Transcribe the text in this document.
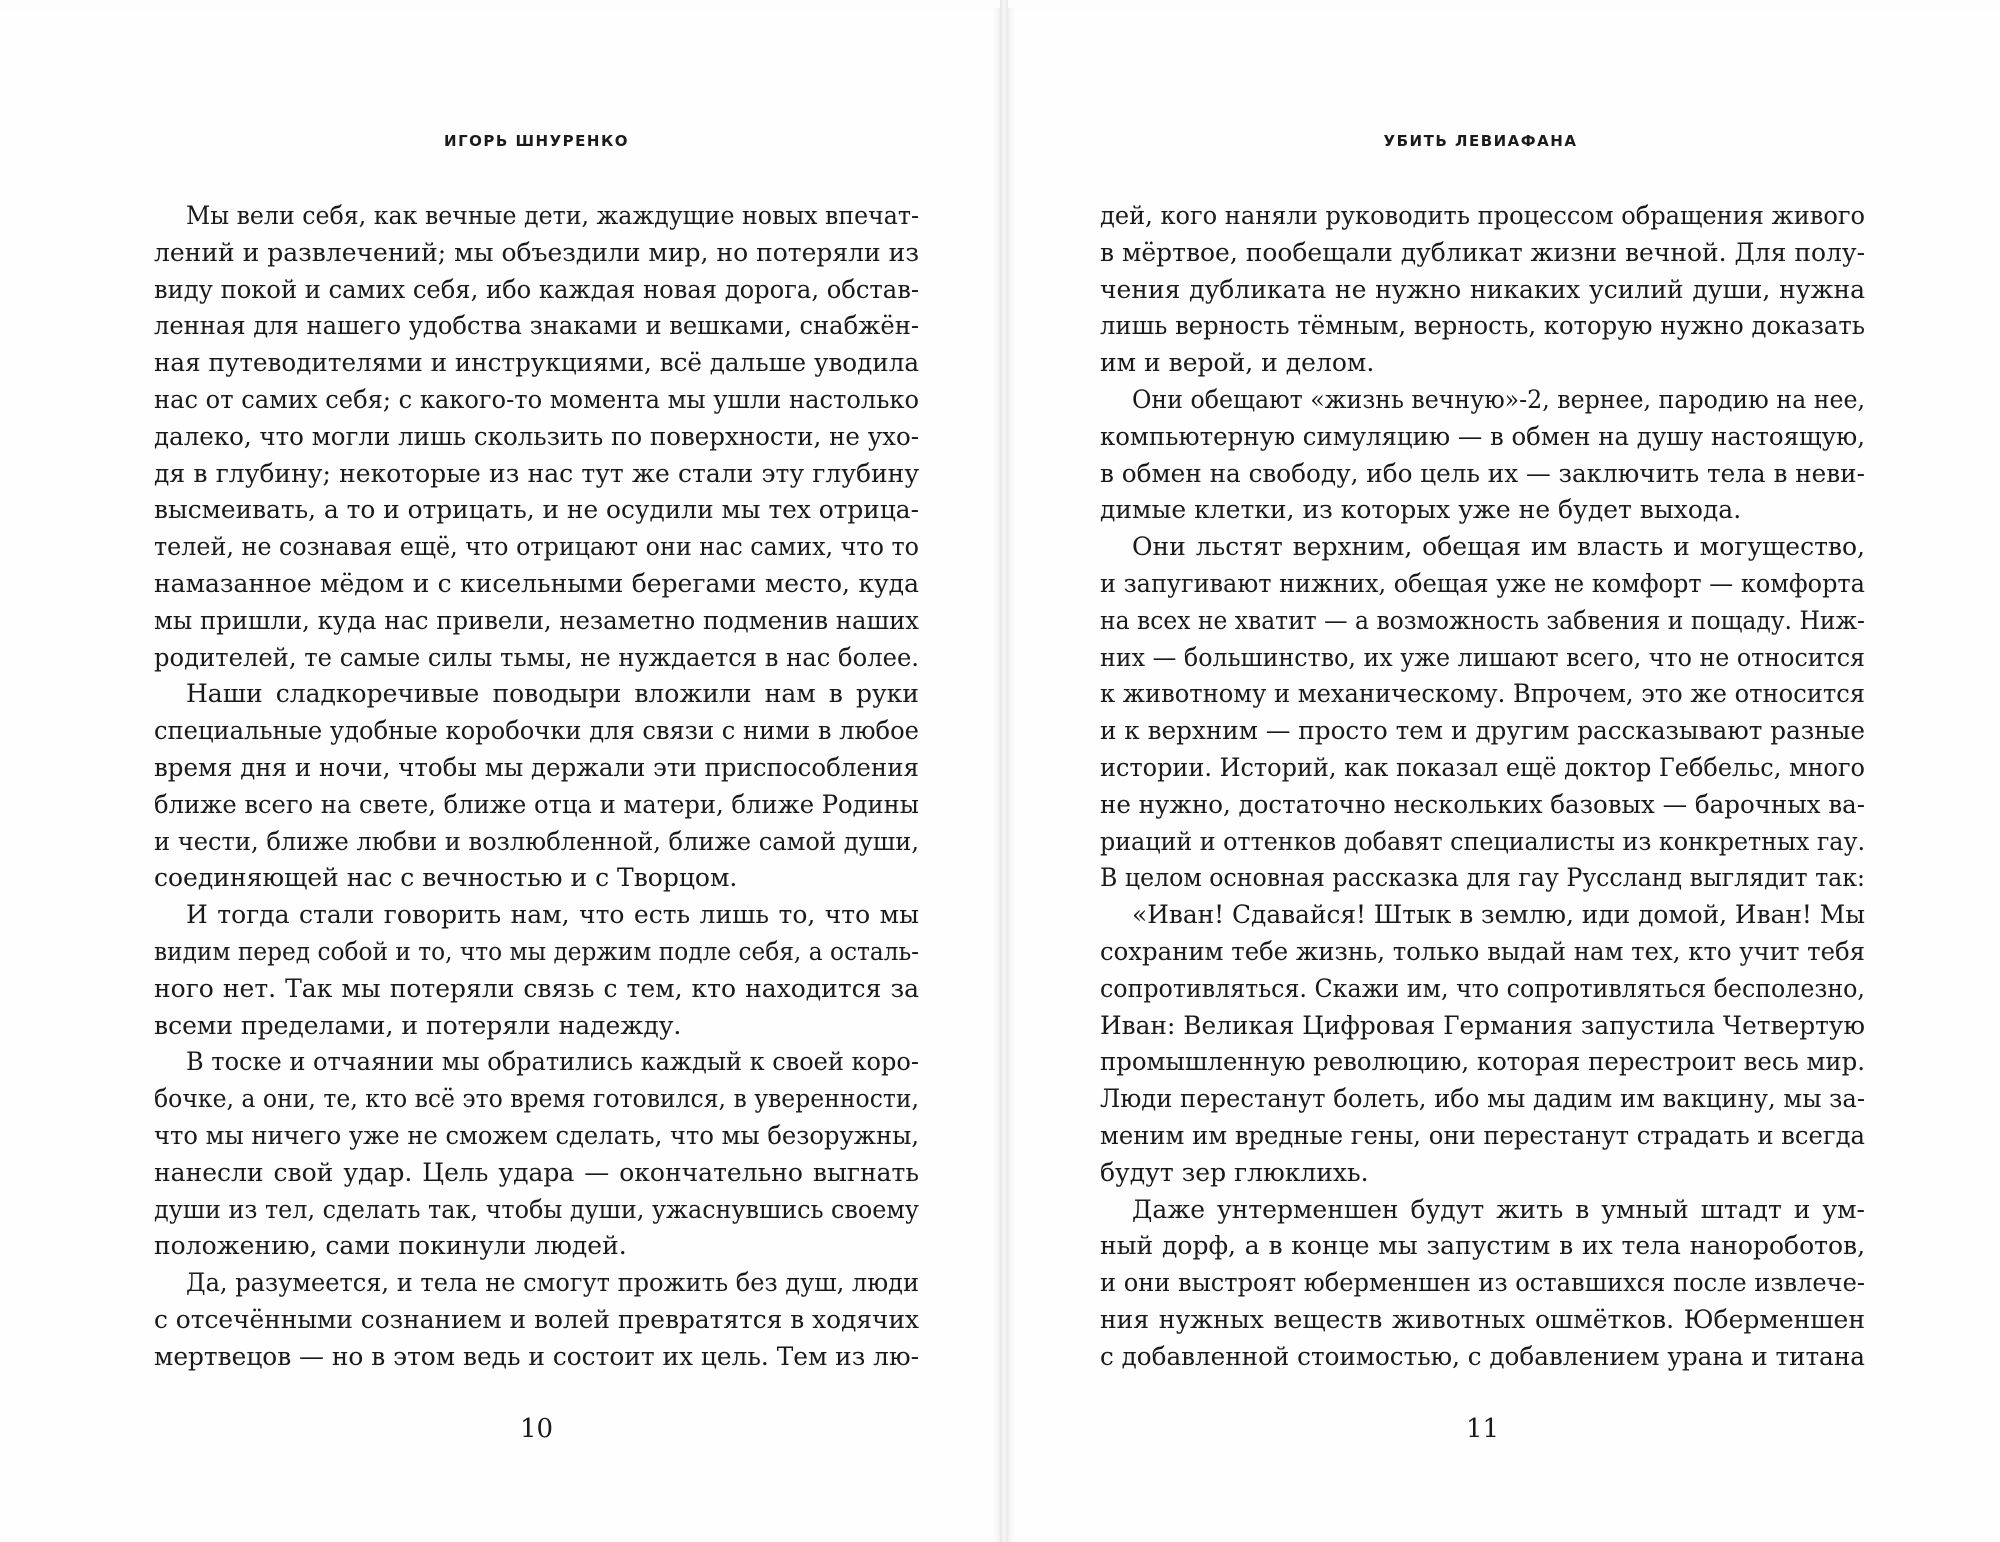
ИГОРЬ ШНУРЕНКО
Мы вели себя, как вечные дети, жаждущие новых впечат-
лений и развлечений; мы объездили мир, но потеряли из
виду покой и самих себя, ибо каждая новая дорога, обстав-
ленная для нашего удобства знаками и вешками, снабжён-
ная путеводителями и инструкциями, всё дальше уводила
нас от самих себя; с какого-то момента мы ушли настолько
далеко, что могли лишь скользить по поверхности, не ухо-
дя в глубину; некоторые из нас тут же стали эту глубину
высмеивать, а то и отрицать, и не осудили мы тех отрица-
телей, не сознавая ещё, что отрицают они нас самих, что то
намазанное мёдом и с кисельными берегами место, куда
мы пришли, куда нас привели, незаметно подменив наших
родителей, те самые силы тьмы, не нуждается в нас более.
Наши сладкоречивые поводыри вложили нам в руки
специальные удобные коробочки для связи с ними в любое
время дня и ночи, чтобы мы держали эти приспособления
ближе всего на свете, ближе отца и матери, ближе Родины
и чести, ближе любви и возлюбленной, ближе самой души,
соединяющей нас с вечностью и с Творцом.
И тогда стали говорить нам, что есть лишь то, что мы
видим перед собой и то, что мы держим подле себя, а осталь-
ного нет. Так мы потеряли связь с тем, кто находится за
всеми пределами, и потеряли надежду.
В тоске и отчаянии мы обратились каждый к своей коро-
бочке, а они, те, кто всё это время готовился, в уверенности,
что мы ничего уже не сможем сделать, что мы безоружны,
нанесли свой удар. Цель удара — окончательно выгнать
души из тел, сделать так, чтобы души, ужаснувшись своему
положению, сами покинули людей.
Да, разумеется, и тела не смогут прожить без душ, люди
с отсечёнными сознанием и волей превратятся в ходячих
мертвецов — но в этом ведь и состоит их цель. Тем из лю-
10
УБИТЬ ЛЕВИАФАНА
дей, кого наняли руководить процессом обращения живого
в мёртвое, пообещали дубликат жизни вечной. Для полу-
чения дубликата не нужно никаких усилий души, нужна
лишь верность тёмным, верность, которую нужно доказать
им и верой, и делом.
Они обещают «жизнь вечную»-2, вернее, пародию на нее,
компьютерную симуляцию — в обмен на душу настоящую,
в обмен на свободу, ибо цель их — заключить тела в неви-
димые клетки, из которых уже не будет выхода.
Они льстят верхним, обещая им власть и могущество,
и запугивают нижних, обещая уже не комфорт — комфорта
на всех не хватит — а возможность забвения и пощаду. Ниж-
них — большинство, их уже лишают всего, что не относится
к животному и механическому. Впрочем, это же относится
и к верхним — просто тем и другим рассказывают разные
истории. Историй, как показал ещё доктор Геббельс, много
не нужно, достаточно нескольких базовых — барочных ва-
риаций и оттенков добавят специалисты из конкретных гау.
В целом основная рассказка для гау Руссланд выглядит так:
«Иван! Сдавайся! Штык в землю, иди домой, Иван! Мы
сохраним тебе жизнь, только выдай нам тех, кто учит тебя
сопротивляться. Скажи им, что сопротивляться бесполезно,
Иван: Великая Цифровая Германия запустила Четвертую
промышленную революцию, которая перестроит весь мир.
Люди перестанут болеть, ибо мы дадим им вакцину, мы за-
меним им вредные гены, они перестанут страдать и всегда
будут зер глюклихь.
Даже унтерменшен будут жить в умный штадт и ум-
ный дорф, а в конце мы запустим в их тела нанороботов,
и они выстроят юберменшен из оставшихся после извлече-
ния нужных веществ животных ошмётков. Юберменшен
с добавленной стоимостью, с добавлением урана и титана
11
